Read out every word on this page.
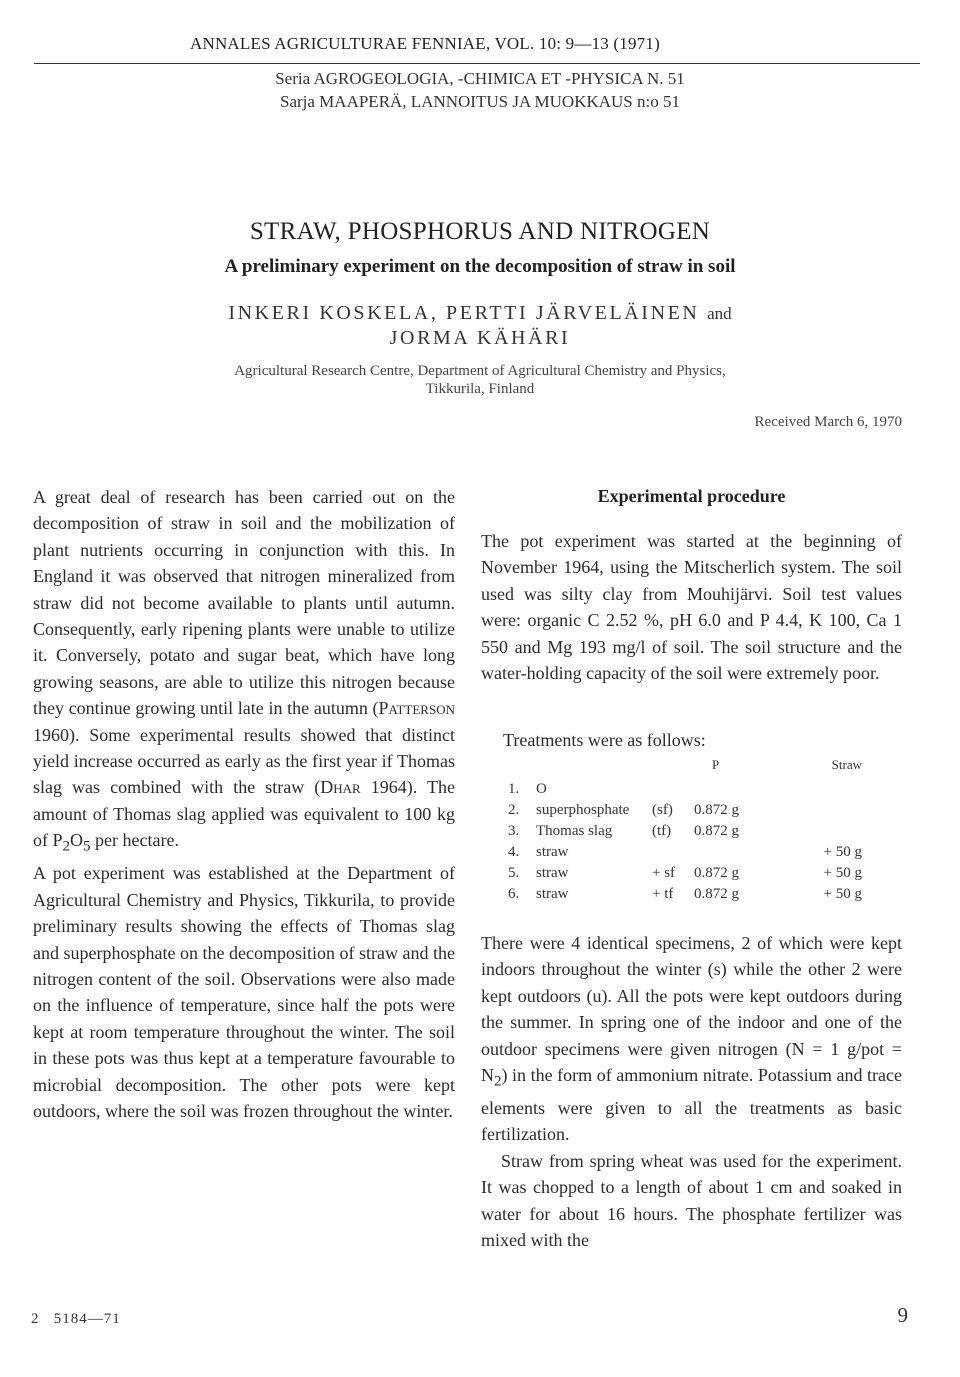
ANNALES AGRICULTURAE FENNIAE, VOL. 10: 9—13 (1971)
Seria AGROGEOLOGIA, -CHIMICA ET -PHYSICA N. 51
Sarja MAAPERÄ, LANNOITUS JA MUOKKAUS n:o 51
STRAW, PHOSPHORUS AND NITROGEN
A preliminary experiment on the decomposition of straw in soil
INKERI KOSKELA, PERTTI JÄRVELÄINEN and
JORMA KÄHÄRI
Agricultural Research Centre, Department of Agricultural Chemistry and Physics,
Tikkurila, Finland
Received March 6, 1970

A great deal of research has been carried out on the decomposition of straw in soil and the mobilization of plant nutrients occurring in conjunction with this. In England it was observed that nitrogen mineralized from straw did not become available to plants until autumn. Consequently, early ripening plants were unable to utilize it. Conversely, potato and sugar beat, which have long growing seasons, are able to utilize this nitrogen because they continue growing until late in the autumn (Patterson 1960). Some experimental results showed that distinct yield increase occurred as early as the first year if Thomas slag was combined with the straw (Dhar 1964). The amount of Thomas slag applied was equivalent to 100 kg of $P_2O_5$ per hectare.

A pot experiment was established at the Department of Agricultural Chemistry and Physics, Tikkurila, to provide preliminary results showing the effects of Thomas slag and superphosphate on the decomposition of straw and the nitrogen content of the soil. Observations were also made on the influence of temperature, since half the pots were kept at room temperature throughout the winter. The soil in these pots was thus kept at a temperature favourable to microbial decomposition. The other pots were kept outdoors, where the soil was frozen throughout the winter.

Experimental procedure
The pot experiment was started at the beginning of November 1964, using the Mitscherlich system. The soil used was silty clay from Mouhijärvi. Soil test values were: organic C 2.52 %, pH 6.0 and P 4.4, K 100, Ca 1 550 and Mg 193 mg/l of soil. The soil structure and the water-holding capacity of the soil were extremely poor.
Treatments were as follows:
			P	Straw
1.	O			
2.	superphosphate	(sf)	0.872 g	
3.	Thomas slag	(tf)	0.872 g	
4.	straw			+ 50 g
5.	straw	+ sf	0.872 g	+ 50 g
6.	straw	+ tf	0.872 g	+ 50 g

There were 4 identical specimens, 2 of which were kept indoors throughout the winter (s) while the other 2 were kept outdoors (u). All the pots were kept outdoors during the summer. In spring one of the indoor and one of the outdoor specimens were given nitrogen (N = 1 $g/pot = N_2$) in the form of ammonium nitrate. Potassium and trace elements were given to all the treatments as basic fertilization.

Straw from spring wheat was used for the experiment. It was chopped to a length of about 1 cm and soaked in water for about 16 hours. The phosphate fertilizer was mixed with the

2   5184—71	9
